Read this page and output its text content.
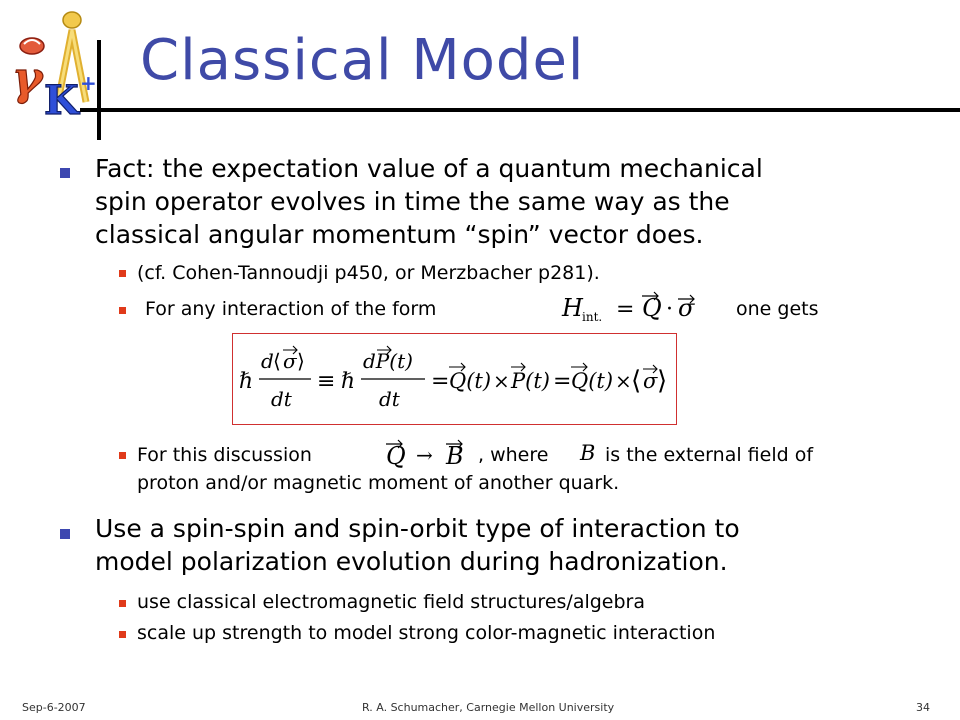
γ K + Classical Model
Fact: the expectation value of a quantum mechanical
spin operator evolves in time the same way as the
classical angular momentum “spin” vector does.
(cf. Cohen-Tannoudji p450, or Merzbacher p281).
For any interaction of the form	H int. = Q · σ one gets
ℏ
d ⟨ σ ⟩
dt
≡ ℏ
dP(t)
dt
= Q(t) × P(t) = Q(t) × ⟨ σ ⟩
For this discussion	Q → B , where	B is the external field of
proton and/or magnetic moment of another quark.
Use a spin-spin and spin-orbit type of interaction to
model polarization evolution during hadronization.
use classical electromagnetic field structures/algebra
scale up strength to model strong color-magnetic interaction
Sep-6-2007	R. A. Schumacher, Carnegie Mellon University	34
